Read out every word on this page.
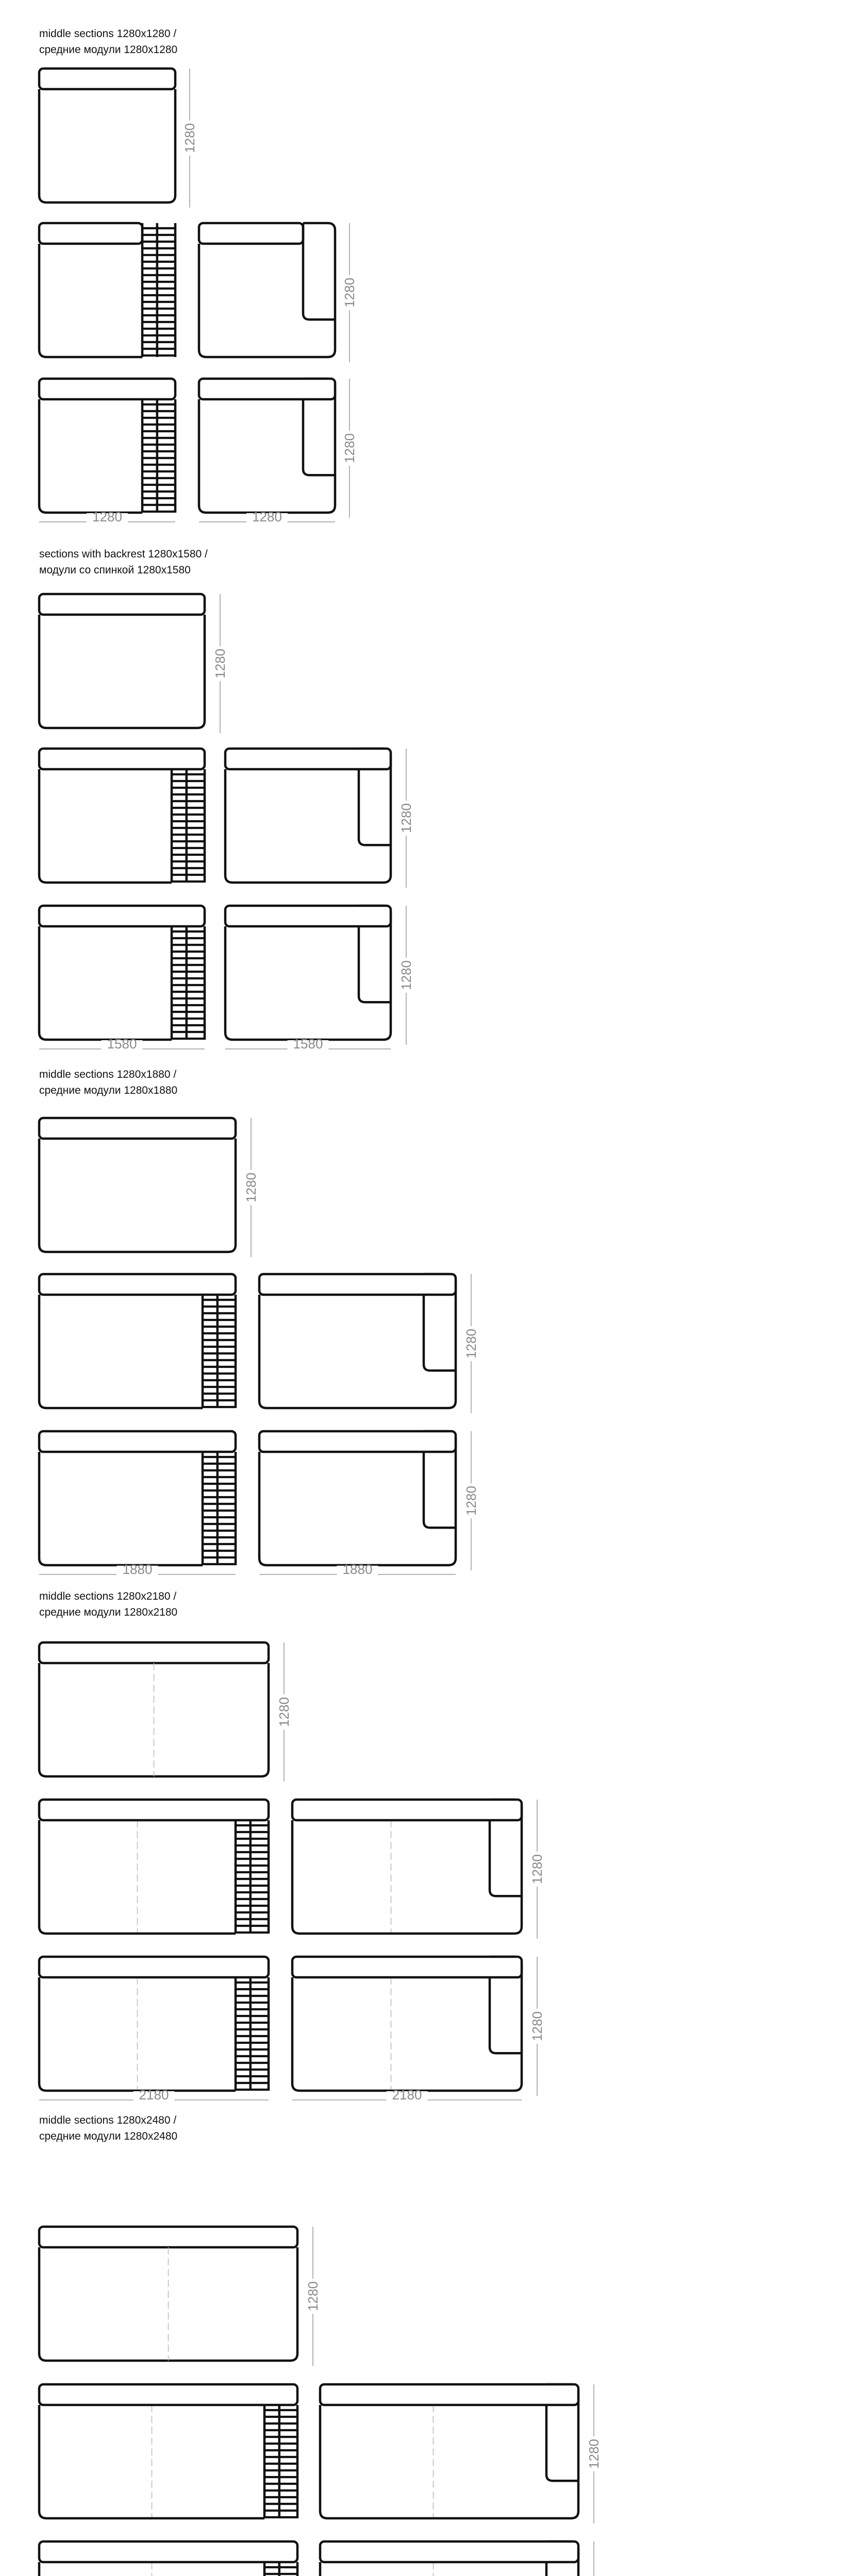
middle sections 1280x1280 /
средние модули 1280x1280
sections with backrest 1280x1580 /
модули со спинкой 1280x1580
middle sections 1280x1880 /
средние модули 1280x1880
middle sections 1280x2180 /
средние модули 1280x2180
middle sections 1280x2480 /
средние модули 1280x2480
1280
1280
1280
1280	1280
1280
1280
1280
1580	1580
1280
1280
1280
1880	1880
1280
1280
1280
2180	2180
1280
1280
